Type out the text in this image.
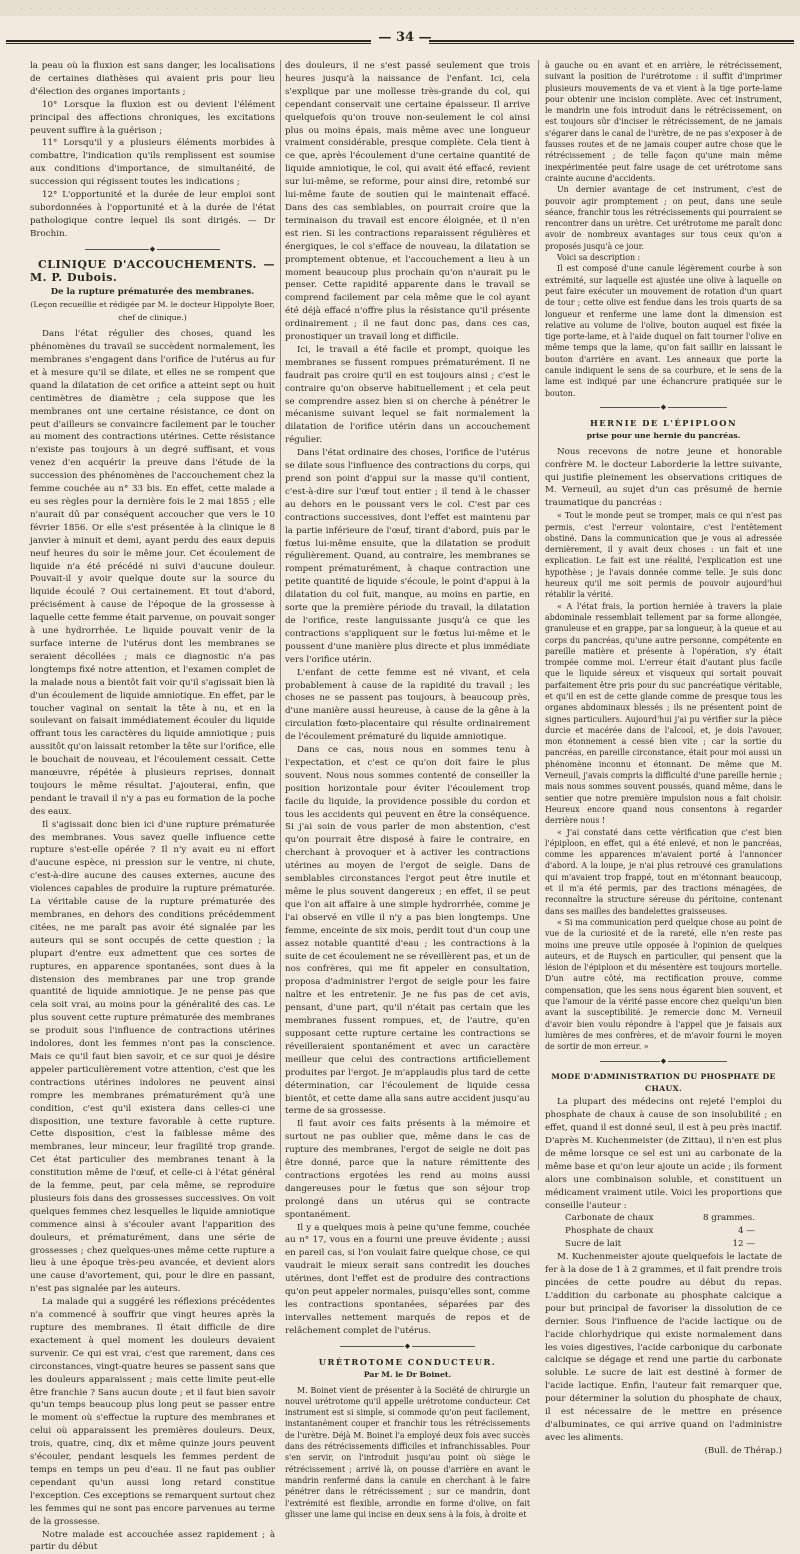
. . . . . . . . . . . . . . . . . . . . . . . . . . . . . . . . . . . . . . . . . . . . . . . . . . . . . . . . . . . . . . . . . . . . . . . .
— 34 —

la peau où la fluxion est sans danger, les localisations de certaines diathèses qui avaient pris pour lieu d'élection des organes importants ;

10° Lorsque la fluxion est ou devient l'élément principal des affections chroniques, les excitations peuvent suffire à la guérison ;

11° Lorsqu'il y a plusieurs éléments morbides à combattre, l'indication qu'ils remplissent est soumise aux conditions d'importance, de simultanéité, de succession qui régissent toutes les indications ;

12° L'opportunité et la durée de leur emploi sont subordonnées à l'opportunité et à la durée de l'état pathologique contre lequel ils sont dirigés. — Dr Brochin.

◆

CLINIQUE D'ACCOUCHEMENTS. — M. P. Dubois.

De la rupture prématurée des membranes.

(Leçon recueillie et rédigée par M. le docteur Hippolyte Boer, chef de clinique.)

Dans l'état régulier des choses, quand les phénomènes du travail se succèdent normalement, les membranes s'engagent dans l'orifice de l'utérus au fur et à mesure qu'il se dilate, et elles ne se rompent que quand la dilatation de cet orifice a atteint sept ou huit centimètres de diamètre ; cela suppose que les membranes ont une certaine résistance, ce dont on peut d'ailleurs se convaincre facilement par le toucher au moment des contractions utérines. Cette résistance n'existe pas toujours à un degré suffisant, et vous venez d'en acquérir la preuve dans l'étude de la succession des phénomènes de l'accouchement chez la femme couchée au n° 33 bis. En effet, cette malade a eu ses règles pour la dernière fois le 2 mai 1855 ; elle n'aurait dû par conséquent accoucher que vers le 10 février 1856. Or elle s'est présentée à la clinique le 8 janvier à minuit et demi, ayant perdu des eaux depuis neuf heures du soir le même jour. Cet écoulement de liquide n'a été précédé ni suivi d'aucune douleur. Pouvait-il y avoir quelque doute sur la source du liquide écoulé ? Oui certainement. Et tout d'abord, précisément à cause de l'époque de la grossesse à laquelle cette femme était parvenue, on pouvait songer à une hydrorrhée. Le liquide pouvait venir de la surface interne de l'utérus dont les membranes se seraient décollées ; mais ce diagnostic n'a pas longtemps fixé notre attention, et l'examen complet de la malade nous a bientôt fait voir qu'il s'agissait bien là d'un écoulement de liquide amniotique. En effet, par le toucher vaginal on sentait la tête à nu, et en la soulevant on faisait immédiatement écouler du liquide offrant tous les caractères du liquide amniotique ; puis aussitôt qu'on laissait retomber la tête sur l'orifice, elle le bouchait de nouveau, et l'écoulement cessait. Cette manœuvre, répétée à plusieurs reprises, donnait toujours le même résultat. J'ajouterai, enfin, que pendant le travail il n'y a pas eu formation de la poche des eaux.

Il s'agissait donc bien ici d'une rupture prématurée des membranes. Vous savez quelle influence cette rupture s'est-elle opérée ? Il n'y avait eu ni effort d'aucune espèce, ni pression sur le ventre, ni chute, c'est-à-dire aucune des causes externes, aucune des violences capables de produire la rupture prématurée. La véritable cause de la rupture prématurée des membranes, en dehors des conditions précédemment citées, ne me paraît pas avoir été signalée par les auteurs qui se sont occupés de cette question ; la plupart d'entre eux admettent que ces sortes de ruptures, en apparence spontanées, sont dues à la distension des membranes par une trop grande quantité de liquide amniotique. Je ne pense pas que cela soit vrai, au moins pour la généralité des cas. Le plus souvent cette rupture prématurée des membranes se produit sous l'influence de contractions utérines indolores, dont les femmes n'ont pas la conscience. Mais ce qu'il faut bien savoir, et ce sur quoi je désire appeler particulièrement votre attention, c'est que les contractions utérines indolores ne peuvent ainsi rompre les membranes prématurément qu'à une condition, c'est qu'il existera dans celles-ci une disposition, une texture favorable à cette rupture. Cette disposition, c'est la faiblesse même des membranes, leur minceur, leur fragilité trop grande. Cet état particulier des membranes tenant à la constitution même de l'œuf, et celle-ci à l'état général de la femme, peut, par cela même, se reproduire plusieurs fois dans des grossesses successives. On voit quelques femmes chez lesquelles le liquide amniotique commence ainsi à s'écouler avant l'apparition des douleurs, et prématurément, dans une série de grossesses ; chez quelques-unes même cette rupture a lieu à une époque très-peu avancée, et devient alors une cause d'avortement, qui, pour le dire en passant, n'est pas signalée par les auteurs.

La malade qui a suggéré les réflexions précédentes n'a commencé à souffrir que vingt heures après la rupture des membranes. Il était difficile de dire exactement à quel moment les douleurs devaient survenir. Ce qui est vrai, c'est que rarement, dans ces circonstances, vingt-quatre heures se passent sans que les douleurs apparaissent ; mais cette limite peut-elle être franchie ? Sans aucun doute ; et il faut bien savoir qu'un temps beaucoup plus long peut se passer entre le moment où s'effectue la rupture des membranes et celui où apparaissent les premières douleurs. Deux, trois, quatre, cinq, dix et même quinze jours peuvent s'écouler, pendant lesquels les femmes perdent de temps en temps un peu d'eau. Il ne faut pas oublier cependant qu'un aussi long retard constitue l'exception. Ces exceptions se remarquent surtout chez les femmes qui ne sont pas encore parvenues au terme de la grossesse.

Notre malade est accouchée assez rapidement ; à partir du début

des douleurs, il ne s'est passé seulement que trois heures jusqu'à la naissance de l'enfant. Ici, cela s'explique par une mollesse très-grande du col, qui cependant conservait une certaine épaisseur. Il arrive quelquefois qu'on trouve non-seulement le col ainsi plus ou moins épais, mais même avec une longueur vraiment considérable, presque complète. Cela tient à ce que, après l'écoulement d'une certaine quantité de liquide amniotique, le col, qui avait été effacé, revient sur lui-même, se reforme, pour ainsi dire, retombé sur lui-même faute de soutien qui le maintenait effacé. Dans des cas semblables, on pourrait croire que la terminaison du travail est encore éloignée, et il n'en est rien. Si les contractions reparaissent régulières et énergiques, le col s'efface de nouveau, la dilatation se promptement obtenue, et l'accouchement a lieu à un moment beaucoup plus prochain qu'on n'aurait pu le penser. Cette rapidité apparente dans le travail se comprend facilement par cela même que le col ayant été déjà effacé n'offre plus la résistance qu'il présente ordinairement ; il ne faut donc pas, dans ces cas, pronostiquer un travail long et difficile.

Ici, le travail a été facile et prompt, quoique les membranes se fussent rompues prématurément. Il ne faudrait pas croire qu'il en est toujours ainsi ; c'est le contraire qu'on observe habituellement ; et cela peut se comprendre assez bien si on cherche à pénétrer le mécanisme suivant lequel se fait normalement la dilatation de l'orifice utérin dans un accouchement régulier.

Dans l'état ordinaire des choses, l'orifice de l'utérus se dilate sous l'influence des contractions du corps, qui prend son point d'appui sur la masse qu'il contient, c'est-à-dire sur l'œuf tout entier ; il tend à le chasser au dehors en le poussant vers le col. C'est par ces contractions successives, dont l'effet est maintenu par la partie inférieure de l'œuf, tirant d'abord, puis par le fœtus lui-même ensuite, que la dilatation se produit régulièrement. Quand, au contraire, les membranes se rompent prématurément, à chaque contraction une petite quantité de liquide s'écoule, le point d'appui à la dilatation du col fuit, manque, au moins en partie, en sorte que la première période du travail, la dilatation de l'orifice, reste languissante jusqu'à ce que les contractions s'appliquent sur le fœtus lui-même et le poussent d'une manière plus directe et plus immédiate vers l'orifice utérin.

L'enfant de cette femme est né vivant, et cela probablement à cause de la rapidité du travail ; les choses ne se passent pas toujours, à beaucoup près, d'une manière aussi heureuse, à cause de la gêne à la circulation fœto-placentaire qui résulte ordinairement de l'écoulement prématuré du liquide amniotique.

Dans ce cas, nous nous en sommes tenu à l'expectation, et c'est ce qu'on doit faire le plus souvent. Nous nous sommes contenté de conseiller la position horizontale pour éviter l'écoulement trop facile du liquide, la providence possible du cordon et tous les accidents qui peuvent en être la conséquence. Si j'ai soin de vous parler de mon abstention, c'est qu'on pourrait être disposé à faire le contraire, en cherchant à provoquer et à activer les contractions utérines au moyen de l'ergot de seigle. Dans de semblables circonstances l'ergot peut être inutile et même le plus souvent dangereux ; en effet, il se peut que l'on ait affaire à une simple hydrorrhée, comme je l'ai observé en ville il n'y a pas bien longtemps. Une femme, enceinte de six mois, perdit tout d'un coup une assez notable quantité d'eau ; les contractions à la suite de cet écoulement ne se réveillèrent pas, et un de nos confrères, qui me fit appeler en consultation, proposa d'administrer l'ergot de seigle pour les faire naître et les entretenir. Je ne fus pas de cet avis, pensant, d'une part, qu'il n'était pas certain que les membranes fussent rompues, et, de l'autre, qu'en supposant cette rupture certaine les contractions se réveilleraient spontanément et avec un caractère meilleur que celui des contractions artificiellement produites par l'ergot. Je m'applaudis plus tard de cette détermination, car l'écoulement de liquide cessa bientôt, et cette dame alla sans autre accident jusqu'au terme de sa grossesse.

Il faut avoir ces faits présents à la mémoire et surtout ne pas oublier que, même dans le cas de rupture des membranes, l'ergot de seigle ne doit pas être donné, parce que la nature rémittente des contractions ergotées les rend au moins aussi dangereuses pour le fœtus que son séjour trop prolongé dans un utérus qui se contracte spontanément.

Il y a quelques mois à peine qu'une femme, couchée au n° 17, vous en a fourni une preuve évidente ; aussi en pareil cas, si l'on voulait faire quelque chose, ce qui vaudrait le mieux serait sans contredit les douches utérines, dont l'effet est de produire des contractions qu'on peut appeler normales, puisqu'elles sont, comme les contractions spontanées, séparées par des intervalles nettement marqués de repos et de relâchement complet de l'utérus.

◆

URÉTROTOME CONDUCTEUR.

Par M. le Dr Boinet.

M. Boinet vient de présenter à la Société de chirurgie un nouvel urétrotome qu'il appelle urétrotome conducteur. Cet instrument est si simple, si commode qu'on peut facilement, instantanément couper et franchir tous les rétrécissements de l'urètre. Déjà M. Boinet l'a employé deux fois avec succès dans des rétrécissements difficiles et infranchissables. Pour s'en servir, on l'introduit jusqu'au point où siège le rétrécissement ; arrivé là, on pousse d'arrière en avant le mandrin renfermé dans la canule en cherchant à le faire pénétrer dans le rétrécissement ; sur ce mandrin, dont l'extrémité est flexible, arrondie en forme d'olive, on fait glisser une lame qui incise en deux sens à la fois, à droite et

à gauche ou en avant et en arrière, le rétrécissement, suivant la position de l'urétrotome : il suffit d'imprimer plusieurs mouvements de va et vient à la tige porte-lame pour obtenir une incision complète. Avec cet instrument, le mandrin une fois introduit dans le rétrécissement, on est toujours sûr d'inciser le rétrécissement, de ne jamais s'égarer dans le canal de l'urètre, de ne pas s'exposer à de fausses routes et de ne jamais couper autre chose que le rétrécissement ; de telle façon qu'une main même inexpérimentée peut faire usage de cet urétrotome sans crainte aucune d'accidents.

Un dernier avantage de cet instrument, c'est de pouvoir agir promptement ; on peut, dans une seule séance, franchir tous les rétrécissements qui pourraient se rencontrer dans un urètre. Cet urétrotome me paraît donc avoir de nombreux avantages sur tous ceux qu'on a proposés jusqu'à ce jour.

Voici sa description :

Il est composé d'une canule légèrement courbe à son extrémité, sur laquelle est ajustée une olive à laquelle on peut faire exécuter un mouvement de rotation d'un quart de tour ; cette olive est fendue dans les trois quarts de sa longueur et renferme une lame dont la dimension est relative au volume de l'olive, bouton auquel est fixée la tige porte-lame, et à l'aide duquel on fait tourner l'olive en même temps que la lame, qu'on fait saillir en laissant le bouton d'arrière en avant. Les anneaux que porte la canule indiquent le sens de sa courbure, et le sens de la lame est indiqué par une échancrure pratiquée sur le bouton.

◆

HERNIE DE L'ÉPIPLOON

prise pour une hernie du pancréas.

Nous recevons de notre jeune et honorable confrère M. le docteur Laborderie la lettre suivante, qui justifie pleinement les observations critiques de M. Verneuil, au sujet d'un cas présumé de hernie traumatique du pancréas :

« Tout le monde peut se tromper, mais ce qui n'est pas permis, c'est l'erreur volontaire, c'est l'entêtement obstiné. Dans la communication que je vous ai adressée dernièrement, il y avait deux choses : un fait et une explication. Le fait est une réalité, l'explication est une hypothèse ; je l'avais donnée comme telle. Je suis donc heureux qu'il me soit permis de pouvoir aujourd'hui rétablir la vérité.

« A l'état frais, la portion herniée à travers la plaie abdominale ressemblait tellement par sa forme allongée, granuleuse et en grappe, par sa longueur, à la queue et au corps du pancréas, qu'une autre personne, compétente en pareille matière et présente à l'opération, s'y était trompée comme moi. L'erreur était d'autant plus facile que le liquide séreux et visqueux qui sortait pouvait parfaitement être pris pour du suc pancréatique véritable, et qu'il en est de cette glande comme de presque tous les organes abdominaux blessés ; ils ne présentent point de signes particuliers. Aujourd'hui j'ai pu vérifier sur la pièce durcie et macérée dans de l'alcool, et, je dois l'avouer, mon étonnement a cessé bien vite ; car la sortie du pancréas, en pareille circonstance, était pour moi aussi un phénomène inconnu et étonnant. De même que M. Verneuil, j'avais compris la difficulté d'une pareille hernie ; mais nous sommes souvent poussés, quand même, dans le sentier que notre première impulsion nous a fait choisir. Heureux encore quand nous consentons à regarder derrière nous !

« J'ai constaté dans cette vérification que c'est bien l'épiploon, en effet, qui a été enlevé, et non le pancréas, comme les apparences m'avaient porté à l'annoncer d'abord. A la loupe, je n'ai plus retrouvé ces granulations qui m'avaient trop frappé, tout en m'étonnant beaucoup, et il m'a été permis, par des tractions ménagées, de reconnaître la structure séreuse du péritoine, contenant dans ses mailles des bandelettes graisseuses.

« Si ma communication perd quelque chose au point de vue de la curiosité et de la rareté, elle n'en reste pas moins une preuve utile opposée à l'opinion de quelques auteurs, et de Ruysch en particulier, qui pensent que la lésion de l'épiploon et du mésentère est toujours mortelle. D'un autre côté, ma rectification prouve, comme compensation, que les sens nous égarent bien souvent, et que l'amour de la vérité passe encore chez quelqu'un bien avant la susceptibilité. Je remercie donc M. Verneuil d'avoir bien voulu répondre à l'appel que je faisais aux lumières de mes confrères, et de m'avoir fourni le moyen de sortir de mon erreur. »

◆

MODE D'ADMINISTRATION DU PHOSPHATE DE CHAUX.

La plupart des médecins ont rejeté l'emploi du phosphate de chaux à cause de son insolubilité ; en effet, quand il est donné seul, il est à peu près inactif. D'après M. Kuchenmeister (de Zittau), il n'en est plus de même lorsque ce sel est uni au carbonate de la même base et qu'on leur ajoute un acide ; ils forment alors une combinaison soluble, et constituent un médicament vraiment utile. Voici les proportions que conseille l'auteur :

Carbonate de chaux	8 grammes.
Phosphate de chaux	4 —
Sucre de lait	12 —

M. Kuchenmeister ajoute quelquefois le lactate de fer à la dose de 1 à 2 grammes, et il fait prendre trois pincées de cette poudre au début du repas. L'addition du carbonate au phosphate calcique a pour but principal de favoriser la dissolution de ce dernier. Sous l'influence de l'acide lactique ou de l'acide chlorhydrique qui existe normalement dans les voies digestives, l'acide carbonique du carbonate calcique se dégage et rend une partie du carbonate soluble. Le sucre de lait est destiné à former de l'acide lactique. Enfin, l'auteur fait remarquer que, pour déterminer la solution du phosphate de chaux, il est nécessaire de le mettre en présence d'albuminates, ce qui arrive quand on l'administre avec les aliments.

(Bull. de Thérap.)
